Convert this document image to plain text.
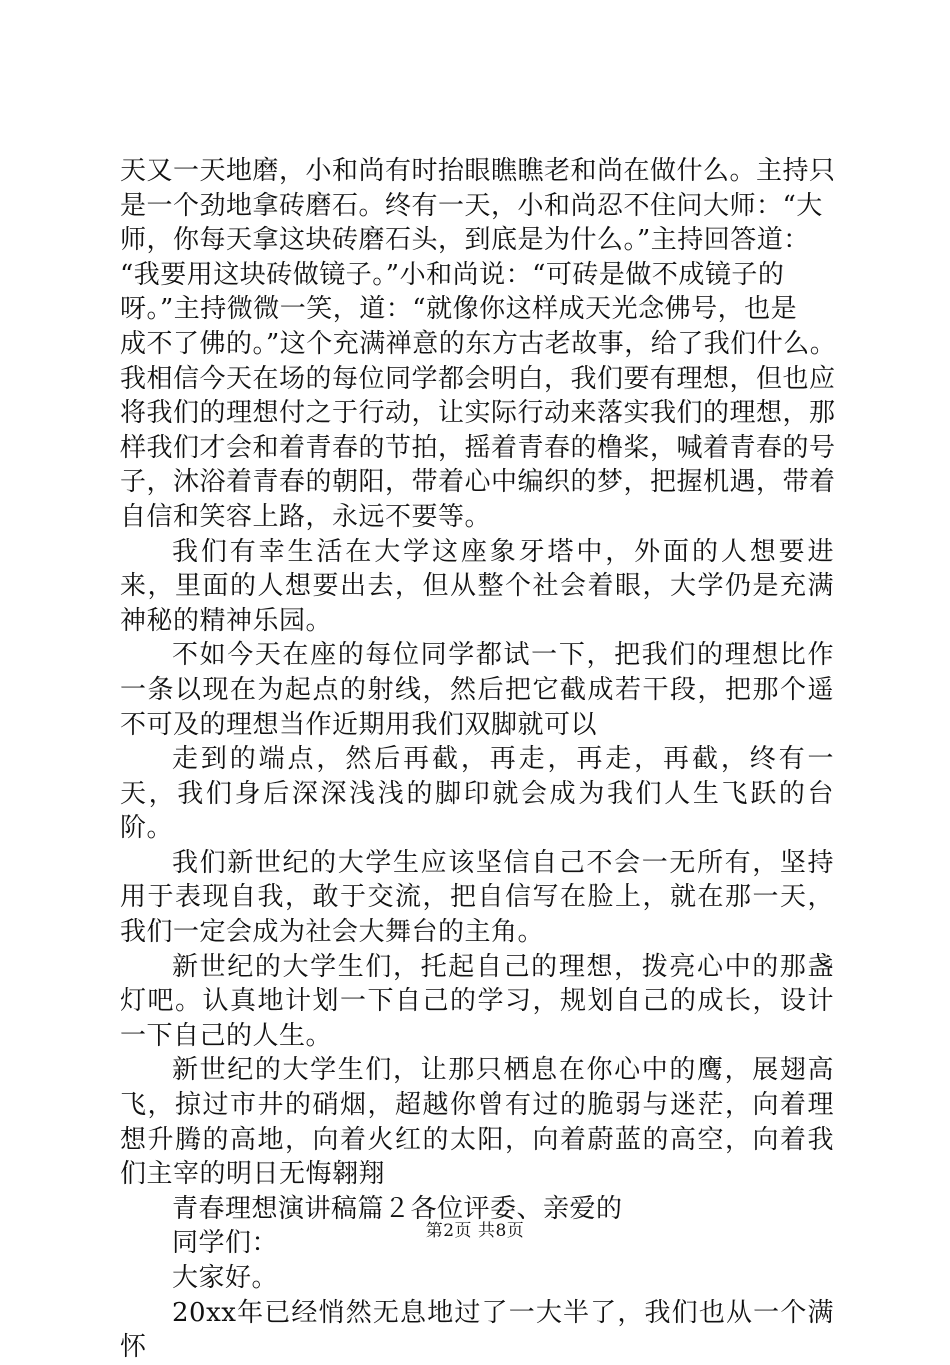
天又一天地磨，小和尚有时抬眼瞧瞧老和尚在做什么。主持只
是一个劲地拿砖磨石。终有一天，小和尚忍不住问大师：“大
师，你每天拿这块砖磨石头，到底是为什么。”主持回答道：
“我要用这块砖做镜子。”小和尚说：“可砖是做不成镜子的
呀。”主持微微一笑，道：“就像你这样成天光念佛号，也是
成不了佛的。”这个充满禅意的东方古老故事，给了我们什么。
我相信今天在场的每位同学都会明白，我们要有理想，但也应
将我们的理想付之于行动，让实际行动来落实我们的理想，那
样我们才会和着青春的节拍，摇着青春的橹桨，喊着青春的号
子，沐浴着青春的朝阳，带着心中编织的梦，把握机遇，带着
自信和笑容上路，永远不要等。

我们有幸生活在大学这座象牙塔中，外面的人想要进来，里面的人想要出去，但从整个社会着眼，大学仍是充满神秘的精神乐园。

不如今天在座的每位同学都试一下，把我们的理想比作一条以现在为起点的射线，然后把它截成若干段，把那个遥不可及的理想当作近期用我们双脚就可以

走到的端点，然后再截，再走，再走，再截，终有一天，我们身后深深浅浅的脚印就会成为我们人生飞跃的台阶。

我们新世纪的大学生应该坚信自己不会一无所有，坚持用于表现自我，敢于交流，把自信写在脸上，就在那一天，我们一定会成为社会大舞台的主角。

新世纪的大学生们，托起自己的理想，拨亮心中的那盏灯吧。认真地计划一下自己的学习，规划自己的成长，设计一下自己的人生。

新世纪的大学生们，让那只栖息在你心中的鹰，展翅高飞，掠过市井的硝烟，超越你曾有过的脆弱与迷茫，向着理想升腾的高地，向着火红的太阳，向着蔚蓝的高空，向着我们主宰的明日无悔翱翔

青春理想演讲稿篇２各位评委、亲爱的

同学们：

大家好。

20xx年已经悄然无息地过了一大半了，我们也从一个满怀

第2页 共8页
